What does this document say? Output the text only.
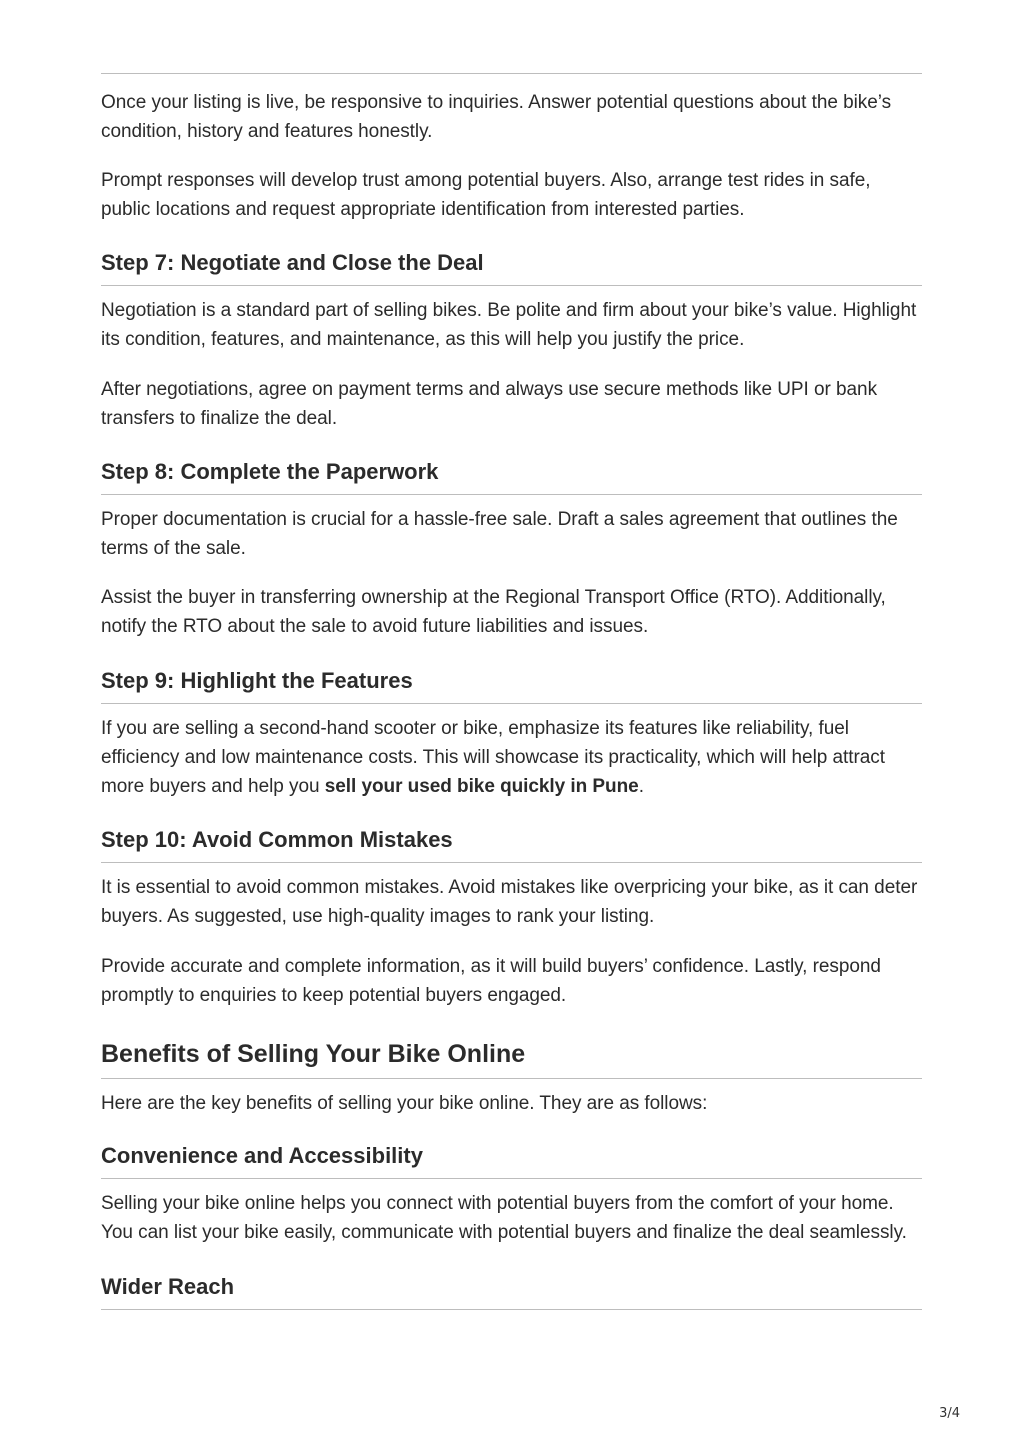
Once your listing is live, be responsive to inquiries. Answer potential questions about the bike’s condition, history and features honestly.

Prompt responses will develop trust among potential buyers. Also, arrange test rides in safe, public locations and request appropriate identification from interested parties.

Step 7: Negotiate and Close the Deal

Negotiation is a standard part of selling bikes. Be polite and firm about your bike’s value. Highlight its condition, features, and maintenance, as this will help you justify the price.

After negotiations, agree on payment terms and always use secure methods like UPI or bank transfers to finalize the deal.

Step 8: Complete the Paperwork

Proper documentation is crucial for a hassle-free sale. Draft a sales agreement that outlines the terms of the sale.

Assist the buyer in transferring ownership at the Regional Transport Office (RTO). Additionally, notify the RTO about the sale to avoid future liabilities and issues.

Step 9: Highlight the Features

If you are selling a second-hand scooter or bike, emphasize its features like reliability, fuel efficiency and low maintenance costs. This will showcase its practicality, which will help attract more buyers and help you sell your used bike quickly in Pune.

Step 10: Avoid Common Mistakes

It is essential to avoid common mistakes. Avoid mistakes like overpricing your bike, as it can deter buyers. As suggested, use high-quality images to rank your listing.

Provide accurate and complete information, as it will build buyers’ confidence. Lastly, respond promptly to enquiries to keep potential buyers engaged.

Benefits of Selling Your Bike Online

Here are the key benefits of selling your bike online. They are as follows:

Convenience and Accessibility

Selling your bike online helps you connect with potential buyers from the comfort of your home. You can list your bike easily, communicate with potential buyers and finalize the deal seamlessly.

Wider Reach
3/4
